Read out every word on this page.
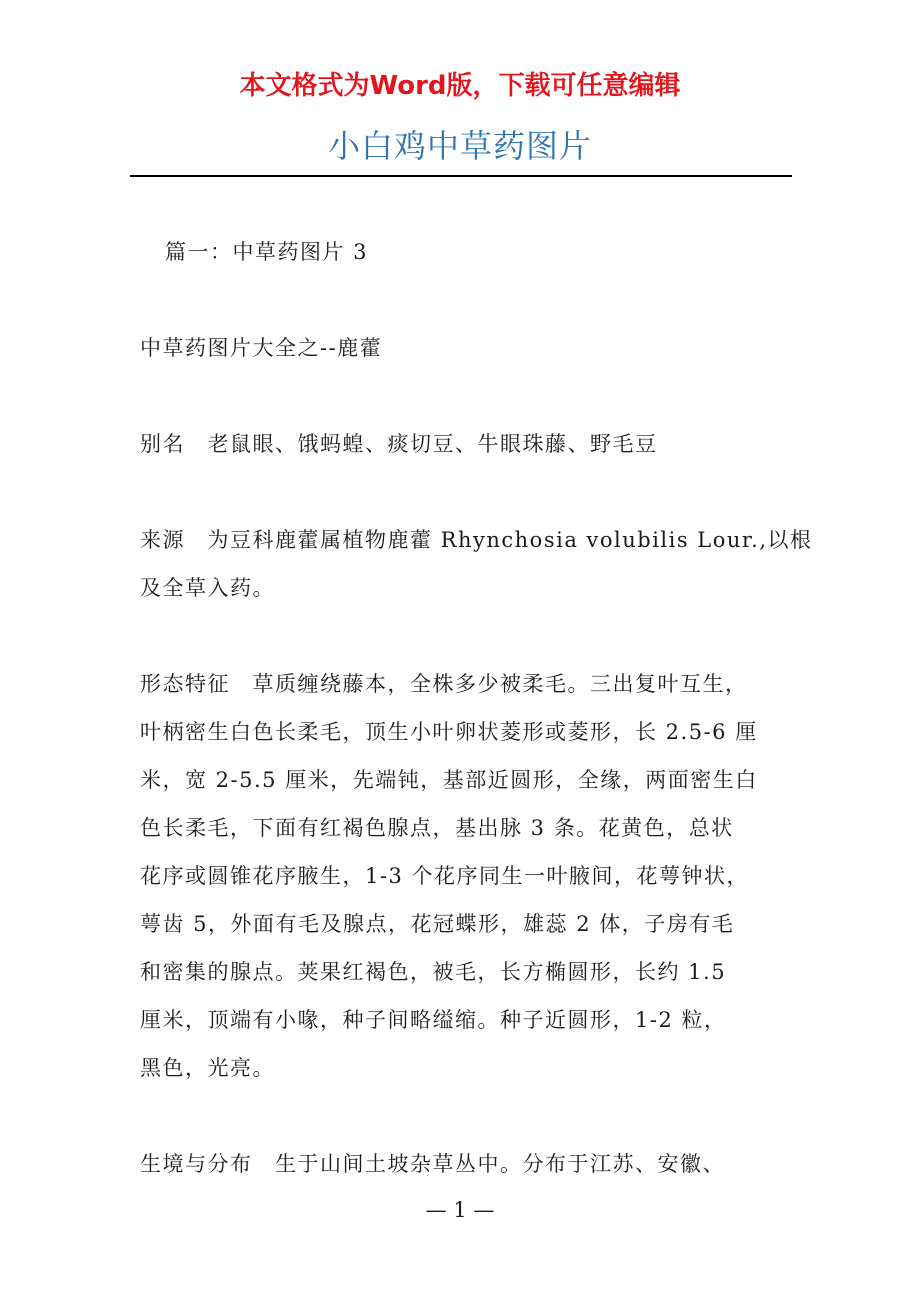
本文格式为Word版，下载可任意编辑
小白鸡中草药图片

篇一：中草药图片 3

中草药图片大全之--鹿藿

别名　老鼠眼、饿蚂蝗、痰切豆、牛眼珠藤、野毛豆

来源　为豆科鹿藿属植物鹿藿 Rhynchosia volubilis Lour.,以根

及全草入药。

形态特征　草质缠绕藤本，全株多少被柔毛。三出复叶互生，

叶柄密生白色长柔毛，顶生小叶卵状菱形或菱形，长 2.5-6 厘

米，宽 2-5.5 厘米，先端钝，基部近圆形，全缘，两面密生白

色长柔毛，下面有红褐色腺点，基出脉 3 条。花黄色，总状

花序或圆锥花序腋生，1-3 个花序同生一叶腋间，花萼钟状，

萼齿 5，外面有毛及腺点，花冠蝶形，雄蕊 2 体，子房有毛

和密集的腺点。荚果红褐色，被毛，长方椭圆形，长约 1.5

厘米，顶端有小喙，种子间略缢缩。种子近圆形，1-2 粒，

黑色，光亮。

生境与分布　生于山间土坡杂草丛中。分布于江苏、安徽、

— 1 —
